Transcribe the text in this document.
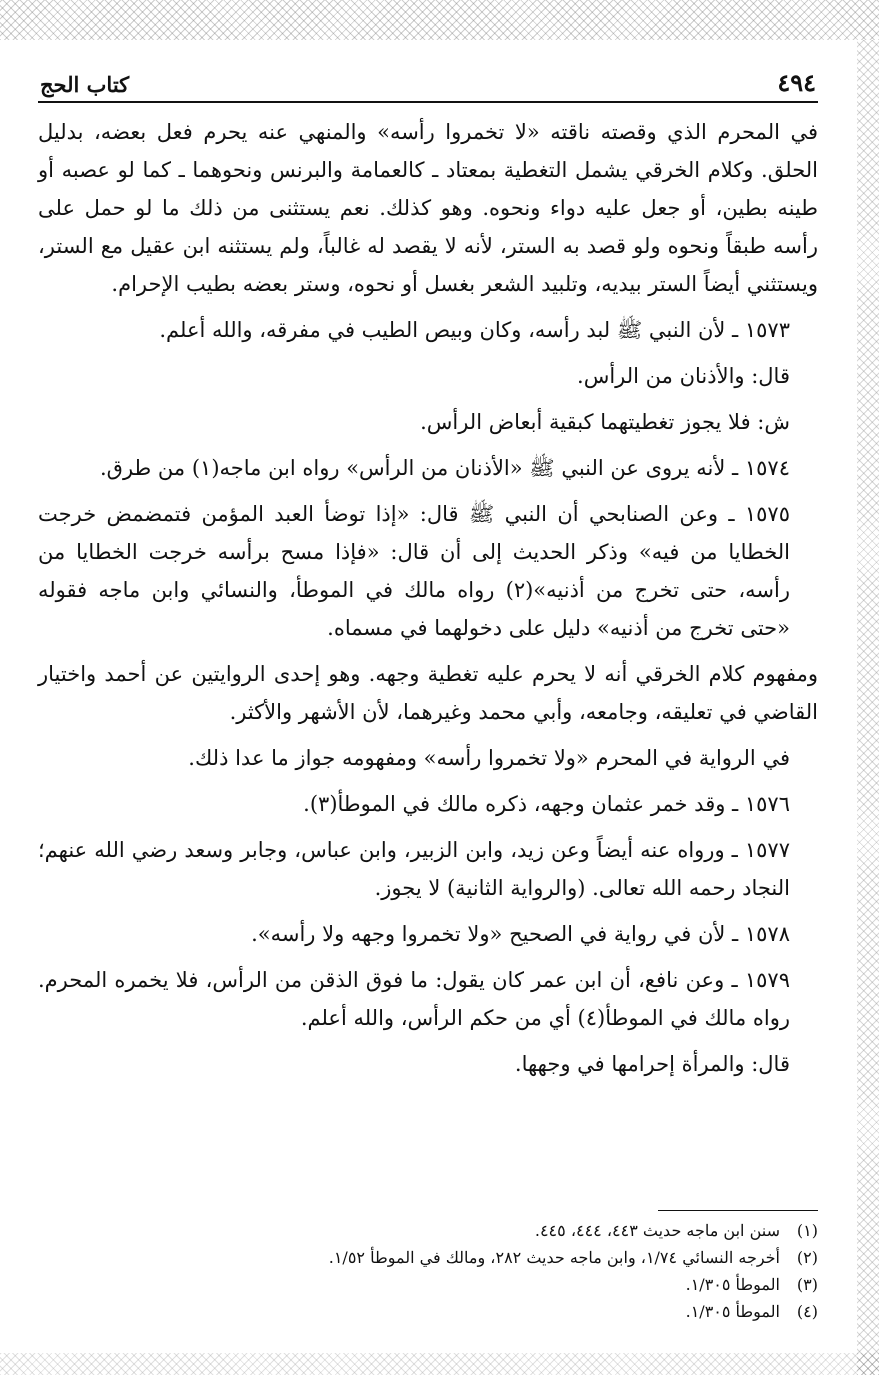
٤٩٤
كتاب الحج

في المحرم الذي وقصته ناقته «لا تخمروا رأسه» والمنهي عنه يحرم فعل بعضه، بدليل الحلق. وكلام الخرقي يشمل التغطية بمعتاد ـ كالعمامة والبرنس ونحوهما ـ كما لو عصبه أو طينه بطين، أو جعل عليه دواء ونحوه. وهو كذلك. نعم يستثنى من ذلك ما لو حمل على رأسه طبقاً ونحوه ولو قصد به الستر، لأنه لا يقصد له غالباً، ولم يستثنه ابن عقيل مع الستر، ويستثني أيضاً الستر بيديه، وتلبيد الشعر بغسل أو نحوه، وستر بعضه بطيب الإحرام.

١٥٧٣ ـ لأن النبي ﷺ لبد رأسه، وكان وبيص الطيب في مفرقه، والله أعلم.

قال: والأذنان من الرأس.

ش: فلا يجوز تغطيتهما كبقية أبعاض الرأس.

١٥٧٤ ـ لأنه يروى عن النبي ﷺ «الأذنان من الرأس» رواه ابن ماجه(١) من طرق.

١٥٧٥ ـ وعن الصنابحي أن النبي ﷺ قال: «إذا توضأ العبد المؤمن فتمضمض خرجت الخطايا من فيه» وذكر الحديث إلى أن قال: «فإذا مسح برأسه خرجت الخطايا من رأسه، حتى تخرج من أذنيه»(٢) رواه مالك في الموطأ، والنسائي وابن ماجه فقوله «حتى تخرج من أذنيه» دليل على دخولهما في مسماه.

ومفهوم كلام الخرقي أنه لا يحرم عليه تغطية وجهه. وهو إحدى الروايتين عن أحمد واختيار القاضي في تعليقه، وجامعه، وأبي محمد وغيرهما، لأن الأشهر والأكثر.

في الرواية في المحرم «ولا تخمروا رأسه» ومفهومه جواز ما عدا ذلك.

١٥٧٦ ـ وقد خمر عثمان وجهه، ذكره مالك في الموطأ(٣).

١٥٧٧ ـ ورواه عنه أيضاً وعن زيد، وابن الزبير، وابن عباس، وجابر وسعد رضي الله عنهم؛ النجاد رحمه الله تعالى. (والرواية الثانية) لا يجوز.

١٥٧٨ ـ لأن في رواية في الصحيح «ولا تخمروا وجهه ولا رأسه».

١٥٧٩ ـ وعن نافع، أن ابن عمر كان يقول: ما فوق الذقن من الرأس، فلا يخمره المحرم. رواه مالك في الموطأ(٤) أي من حكم الرأس، والله أعلم.

قال: والمرأة إحرامها في وجهها.

(١)
سنن ابن ماجه حديث ٤٤٣، ٤٤٤، ٤٤٥.
(٢)
أخرجه النسائي ١/٧٤، وابن ماجه حديث ٢٨٢، ومالك في الموطأ ١/٥٢.
(٣)
الموطأ ١/٣٠٥.
(٤)
الموطأ ١/٣٠٥.
